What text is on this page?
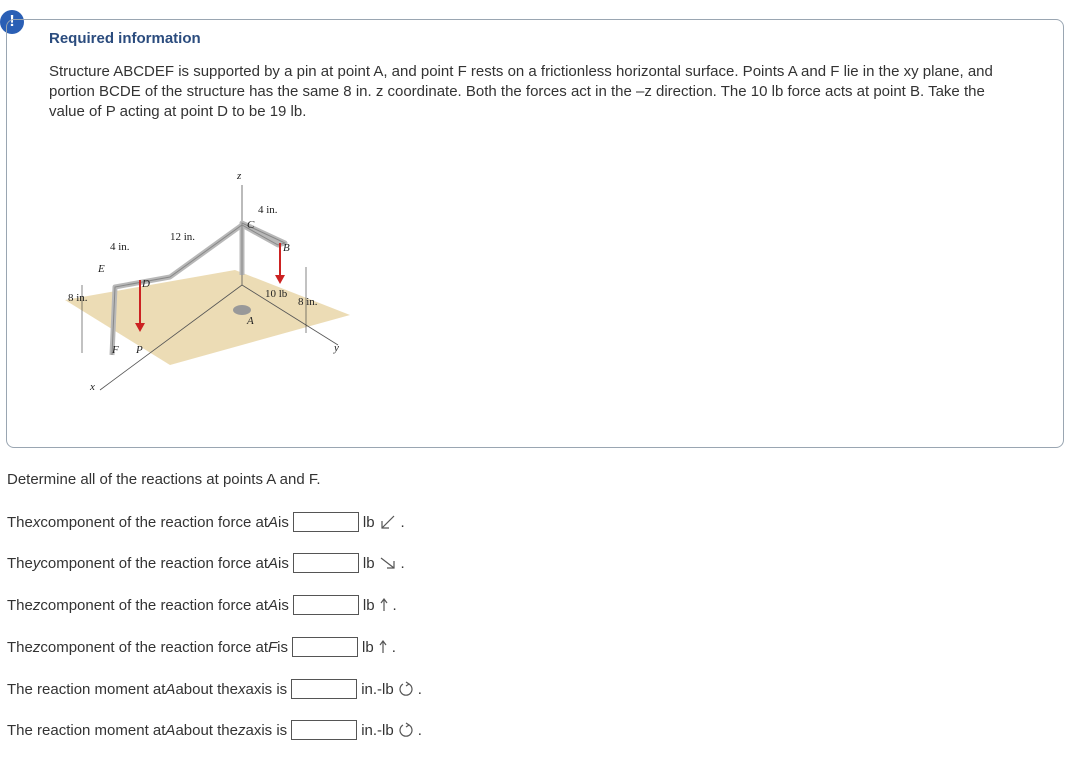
!
Required information
Structure ABCDEF is supported by a pin at point A, and point F rests on a frictionless horizontal surface. Points A and F lie in the xy plane, and portion BCDE of the structure has the same 8 in. z coordinate. Both the forces act in the –z direction. The 10 lb force acts at point B. Take the value of P acting at point D to be 19 lb.
z
y
x
4 in.
12 in.
4 in.
8 in.	8 in.
10 lb
C
B
D
E
A
F P
Determine all of the reactions at points A and F.
The x component of the reaction force at A is	lb .
The y component of the reaction force at A is	lb .
The z component of the reaction force at A is	lb .
The z component of the reaction force at F is	lb .
The reaction moment at A about the x axis is	in.-lb .
The reaction moment at A about the z axis is	in.-lb .
